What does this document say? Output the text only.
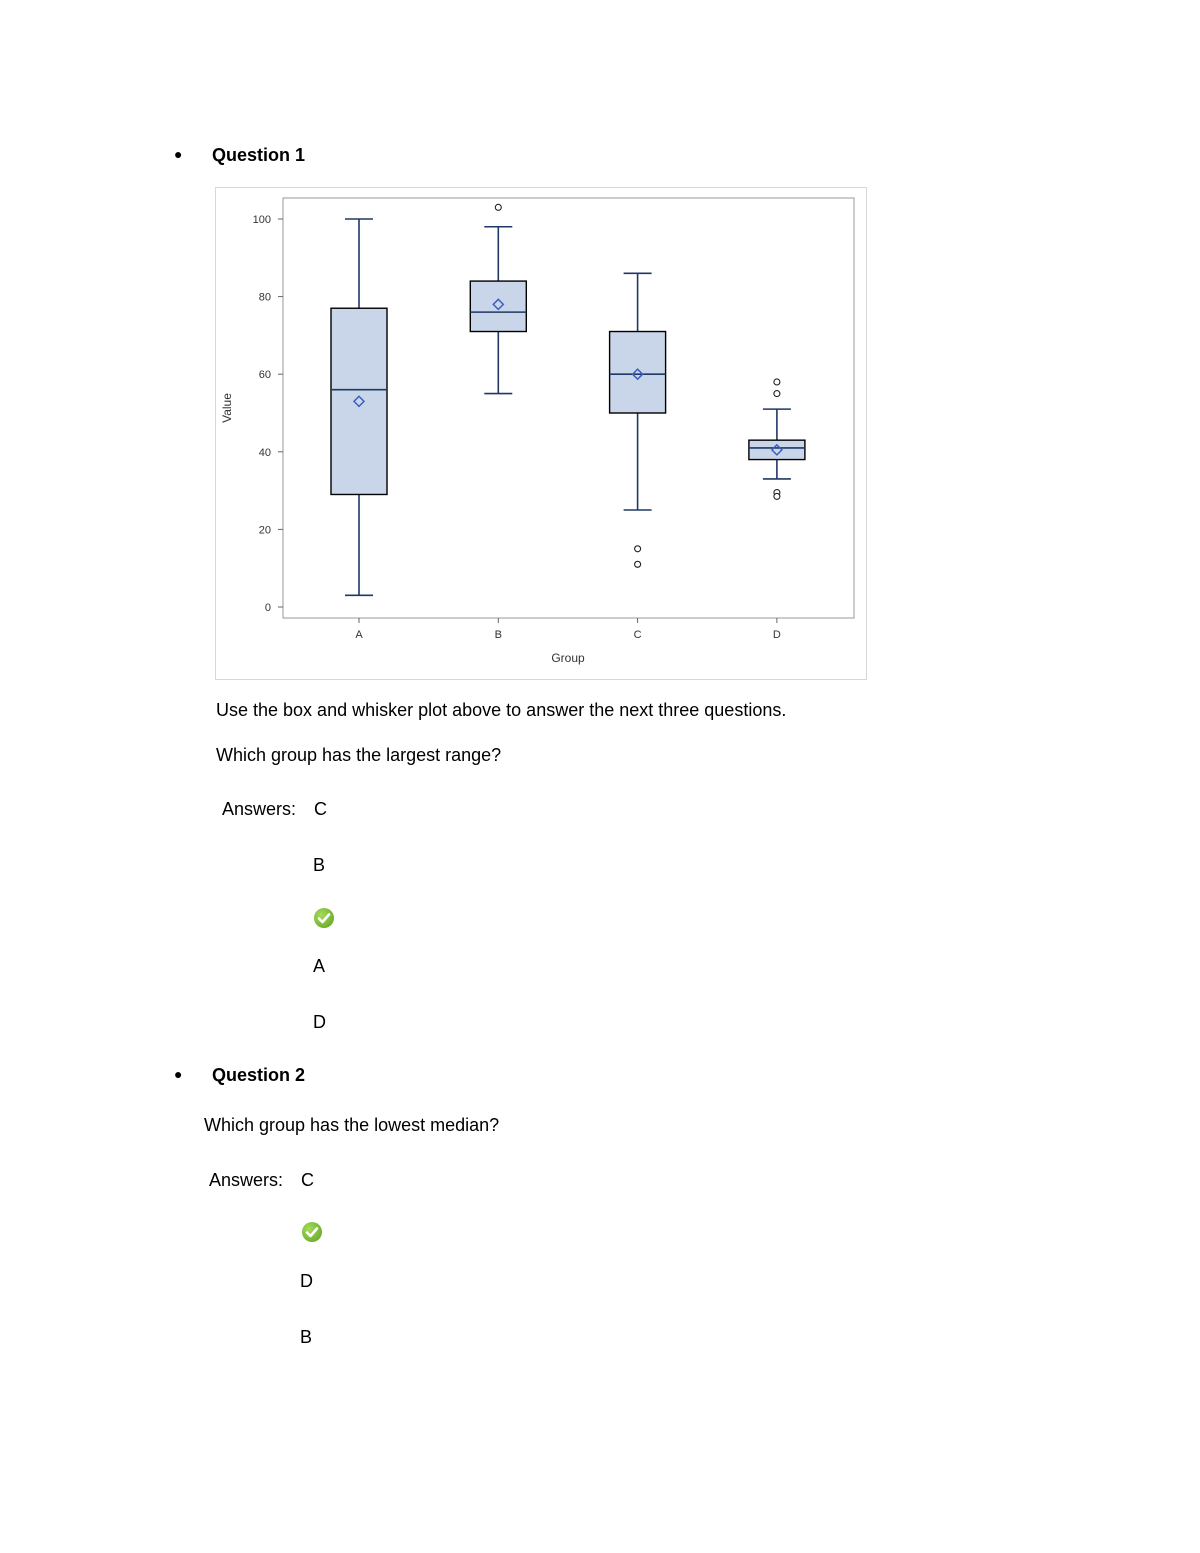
● Question 1
0
20
40
60
80
100
Value
A	B	C	D
Group
Use the box and whisker plot above to answer the next three questions.
Which group has the largest range?
Answers: C
B
A
D
● Question 2
Which group has the lowest median?
Answers: C
D
B
